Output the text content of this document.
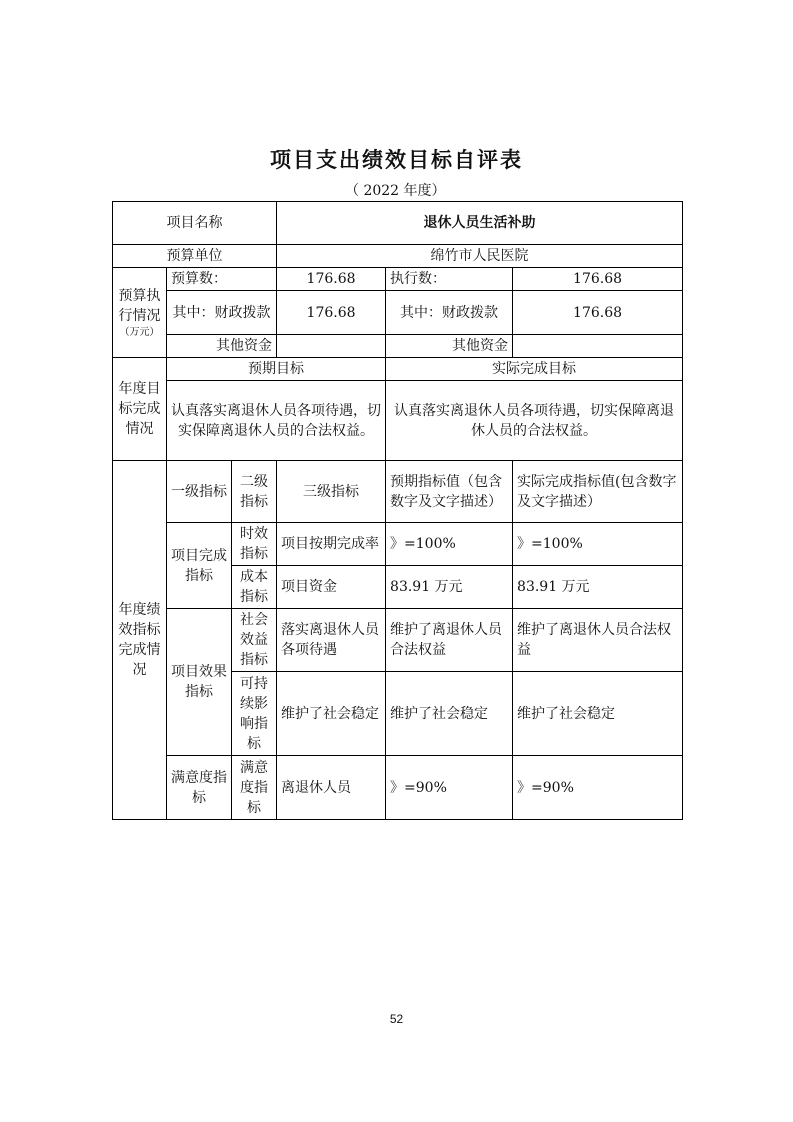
项目支出绩效目标自评表
（ 2022 年度）
项目名称			退休人员生活补助		
预算单位			绵竹市人民医院		

预算执行情况
（万元）	预算数：		176.68	执行数：	176.68
	其中：财政拨款		176.68	其中：财政拨款	176.68
	其他资金			其他资金	
年度目标完成情况	预期目标			实际完成目标	
	认真落实离退休人员各项待遇，切实保障离退休人员的合法权益。			认真落实离退休人员各项待遇，切实保障离退休人员的合法权益。	
年度绩效指标完成情况	一级指标	二级指标	三级指标	预期指标值（包含数字及文字描述）	实际完成指标值(包含数字及文字描述）
	项目完成指标	时效指标	项目按期完成率	》=100%	》=100%
		成本指标	项目资金	83.91 万元	83.91 万元
	项目效果指标	社会效益指标	落实离退休人员各项待遇	维护了离退休人员合法权益	维护了离退休人员合法权益
		可持续影响指标	维护了社会稳定	维护了社会稳定	维护了社会稳定
	满意度指标	满意度指标	离退休人员	》=90%	》=90%
52
